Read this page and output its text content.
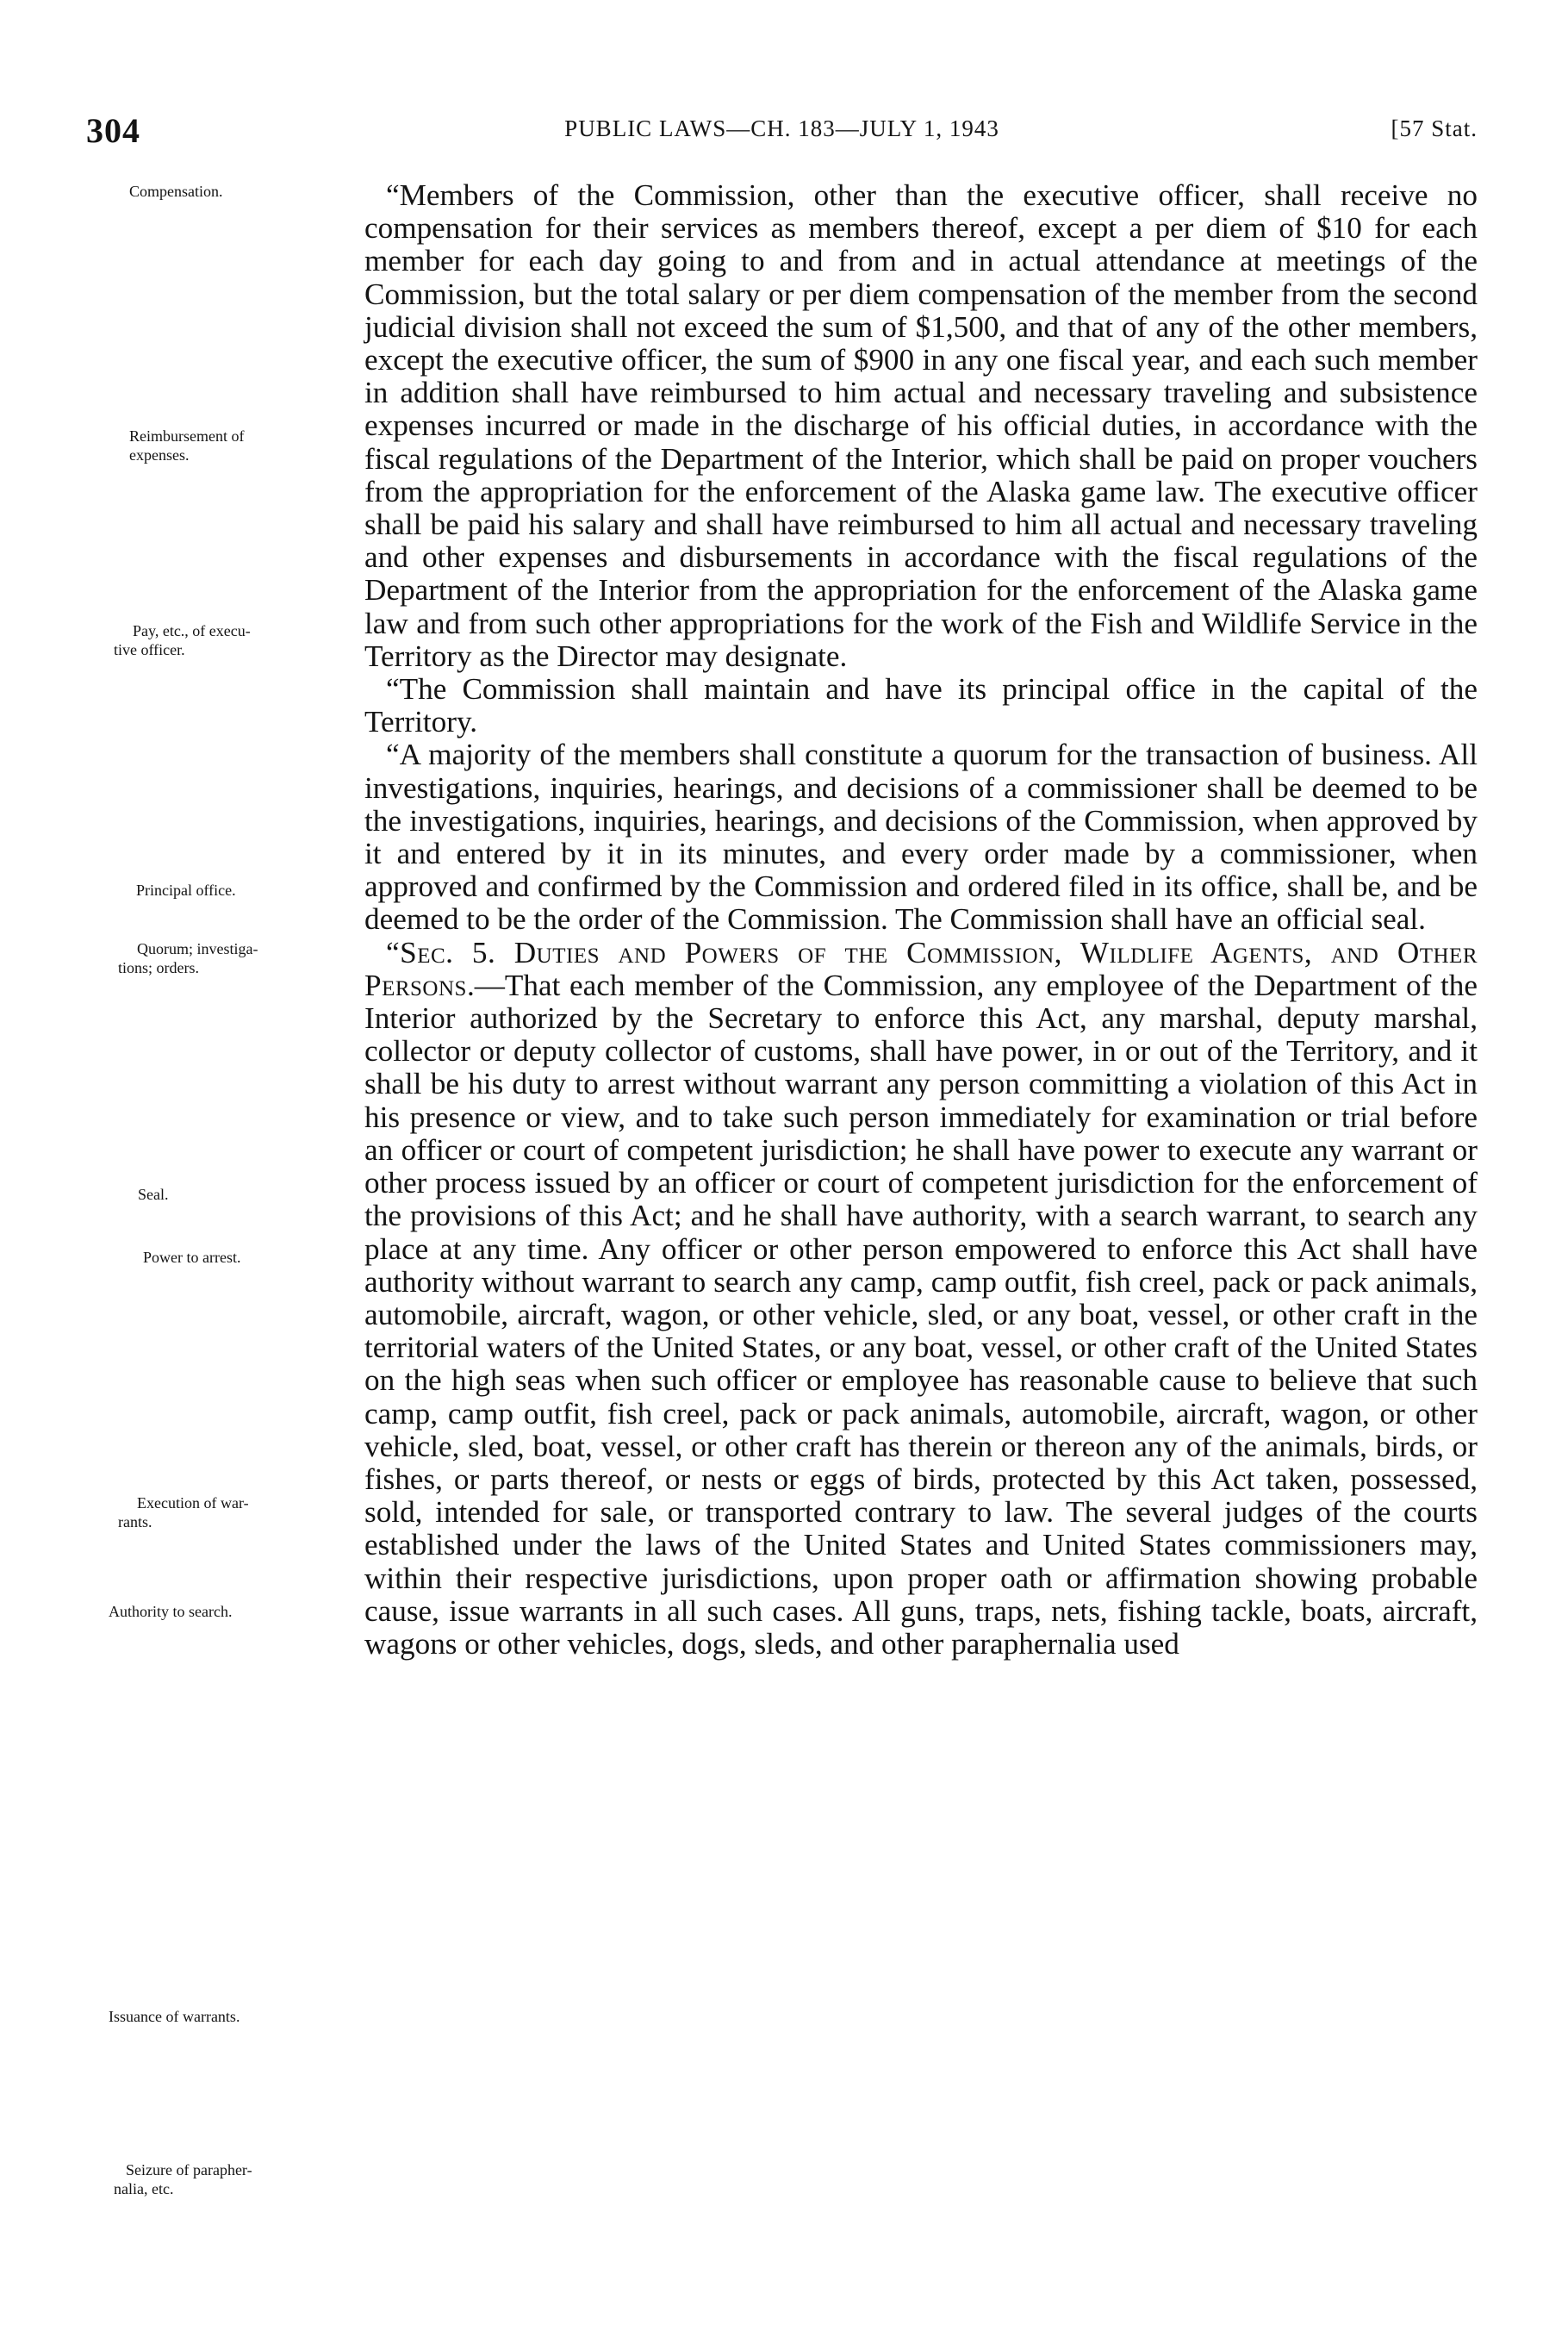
304	PUBLIC LAWS—CH. 183—JULY 1, 1943	[57 Stat.
Compensation.
Reimbursement of
expenses.
Pay, etc., of execu-
tive officer.
Principal office.
Quorum; investiga-
tions; orders.
Seal.
Power to arrest.
Execution of war-
rants.
Authority to search.
Issuance of warrants.
Seizure of parapher-
nalia, etc.

“Members of the Commission, other than the executive officer, shall receive no compensation for their services as members thereof, except a per diem of $10 for each member for each day going to and from and in actual attendance at meetings of the Commission, but the total salary or per diem compensation of the member from the second judicial division shall not exceed the sum of $1,500, and that of any of the other members, except the executive officer, the sum of $900 in any one fiscal year, and each such member in addition shall have reimbursed to him actual and necessary traveling and subsistence expenses incurred or made in the discharge of his official duties, in accordance with the fiscal regulations of the Department of the Interior, which shall be paid on proper vouchers from the appropriation for the enforcement of the Alaska game law. The executive officer shall be paid his salary and shall have reimbursed to him all actual and necessary traveling and other expenses and disbursements in accordance with the fiscal regulations of the Department of the Interior from the appropriation for the enforcement of the Alaska game law and from such other appropriations for the work of the Fish and Wildlife Service in the Territory as the Director may designate.

“The Commission shall maintain and have its principal office in the capital of the Territory.

“A majority of the members shall constitute a quorum for the transaction of business. All investigations, inquiries, hearings, and decisions of a commissioner shall be deemed to be the investigations, inquiries, hearings, and decisions of the Commission, when approved by it and entered by it in its minutes, and every order made by a commissioner, when approved and confirmed by the Commission and ordered filed in its office, shall be, and be deemed to be the order of the Commission. The Commission shall have an official seal.

“Sec. 5. Duties and Powers of the Commission, Wildlife Agents, and Other Persons.—That each member of the Commission, any employee of the Department of the Interior authorized by the Secretary to enforce this Act, any marshal, deputy marshal, collector or deputy collector of customs, shall have power, in or out of the Territory, and it shall be his duty to arrest without warrant any person committing a violation of this Act in his presence or view, and to take such person immediately for examination or trial before an officer or court of competent jurisdiction; he shall have power to execute any warrant or other process issued by an officer or court of competent jurisdiction for the enforcement of the provisions of this Act; and he shall have authority, with a search warrant, to search any place at any time. Any officer or other person empowered to enforce this Act shall have authority without warrant to search any camp, camp outfit, fish creel, pack or pack animals, automobile, aircraft, wagon, or other vehicle, sled, or any boat, vessel, or other craft in the territorial waters of the United States, or any boat, vessel, or other craft of the United States on the high seas when such officer or employee has reasonable cause to believe that such camp, camp outfit, fish creel, pack or pack animals, automobile, aircraft, wagon, or other vehicle, sled, boat, vessel, or other craft has therein or thereon any of the animals, birds, or fishes, or parts thereof, or nests or eggs of birds, protected by this Act taken, possessed, sold, intended for sale, or transported contrary to law. The several judges of the courts established under the laws of the United States and United States commissioners may, within their respective jurisdictions, upon proper oath or affirmation showing probable cause, issue warrants in all such cases. All guns, traps, nets, fishing tackle, boats, aircraft, wagons or other vehicles, dogs, sleds, and other paraphernalia used
